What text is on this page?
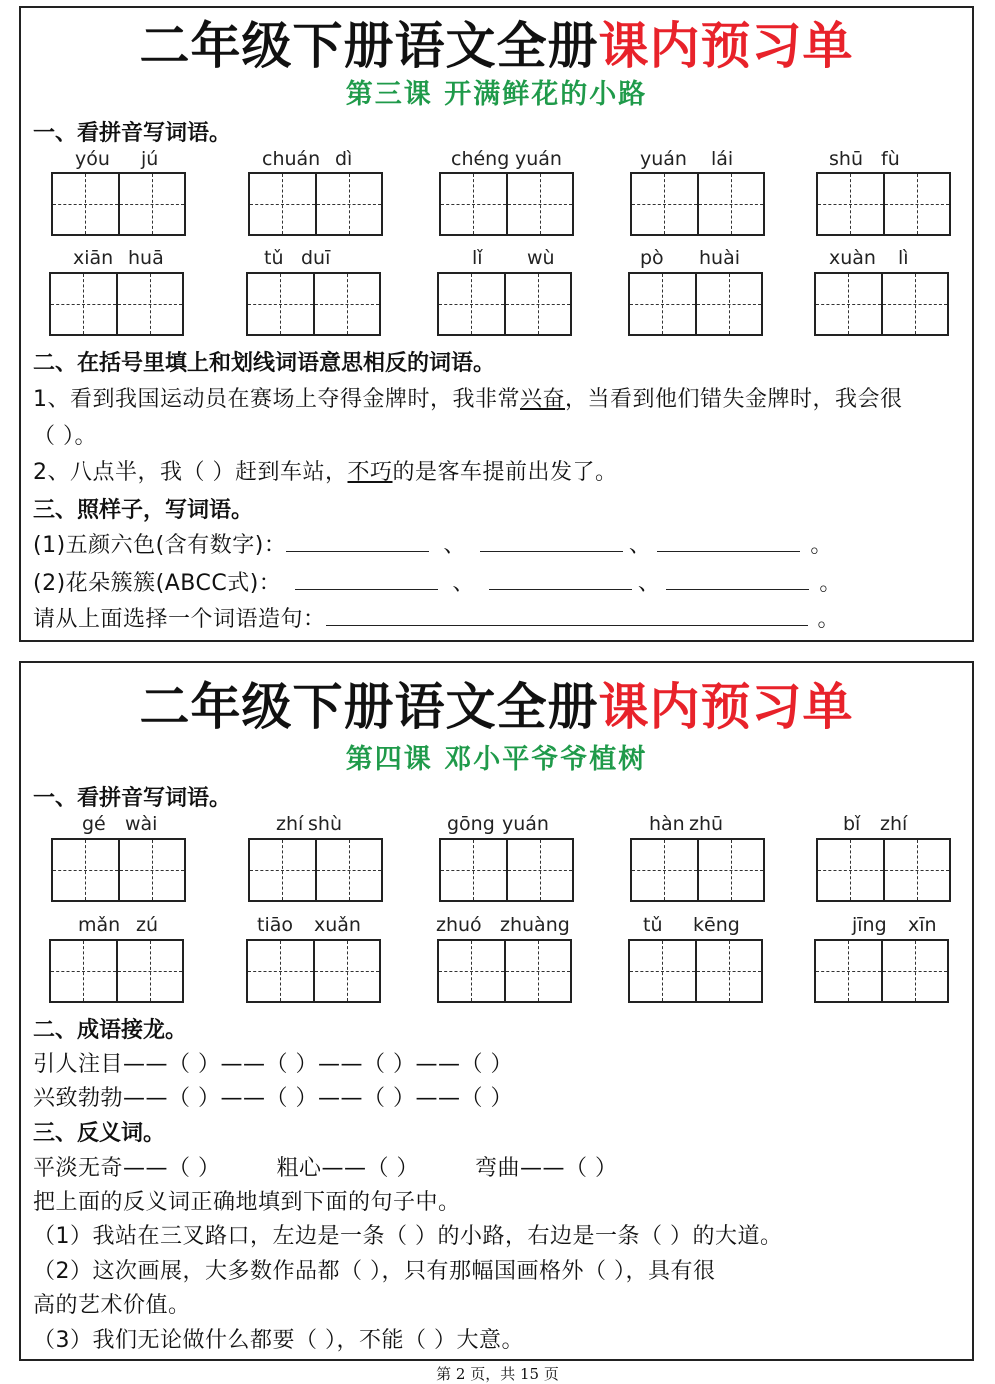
二年级下册语文全册课内预习单
第三课 开满鲜花的小路
一、看拼音写词语。
yóu jú	chuán dì	chéng yuán	yuán lái	shū fù
xiān huā	tǔ duī	lǐ wù	pò huài	xuàn lì
二、在括号里填上和划线词语意思相反的词语。
1、看到我国运动员在赛场上夺得金牌时，我非常兴奋，当看到他们错失金牌时，我会很
（ ）。
2、八点半，我（ ）赶到车站，不巧的是客车提前出发了。
三、照样子，写词语。
(1)五颜六色(含有数字)：	、	、	。
(2)花朵簇簇(ABCC式)：	、	、	。
请从上面选择一个词语造句：	。
二年级下册语文全册课内预习单
第四课 邓小平爷爷植树
一、看拼音写词语。
gé wài	zhí shù	gōng yuán	hàn zhū	bǐ zhí
mǎn zú	tiāo xuǎn	zhuó zhuàng	tǔ kēng	jīng xīn
二、成语接龙。
引人注目——（ ）——（ ）——（ ）——（ ）
兴致勃勃——（ ）——（ ）——（ ）——（ ）
三、反义词。
平淡无奇——（ ）	粗心——（ ）	弯曲——（ ）
把上面的反义词正确地填到下面的句子中。
（1）我站在三叉路口，左边是一条（ ）的小路，右边是一条（ ）的大道。
（2）这次画展，大多数作品都（ ），只有那幅国画格外（ ），具有很
高的艺术价值。
（3）我们无论做什么都要（ ），不能（ ）大意。
第 2 页，共 15 页
